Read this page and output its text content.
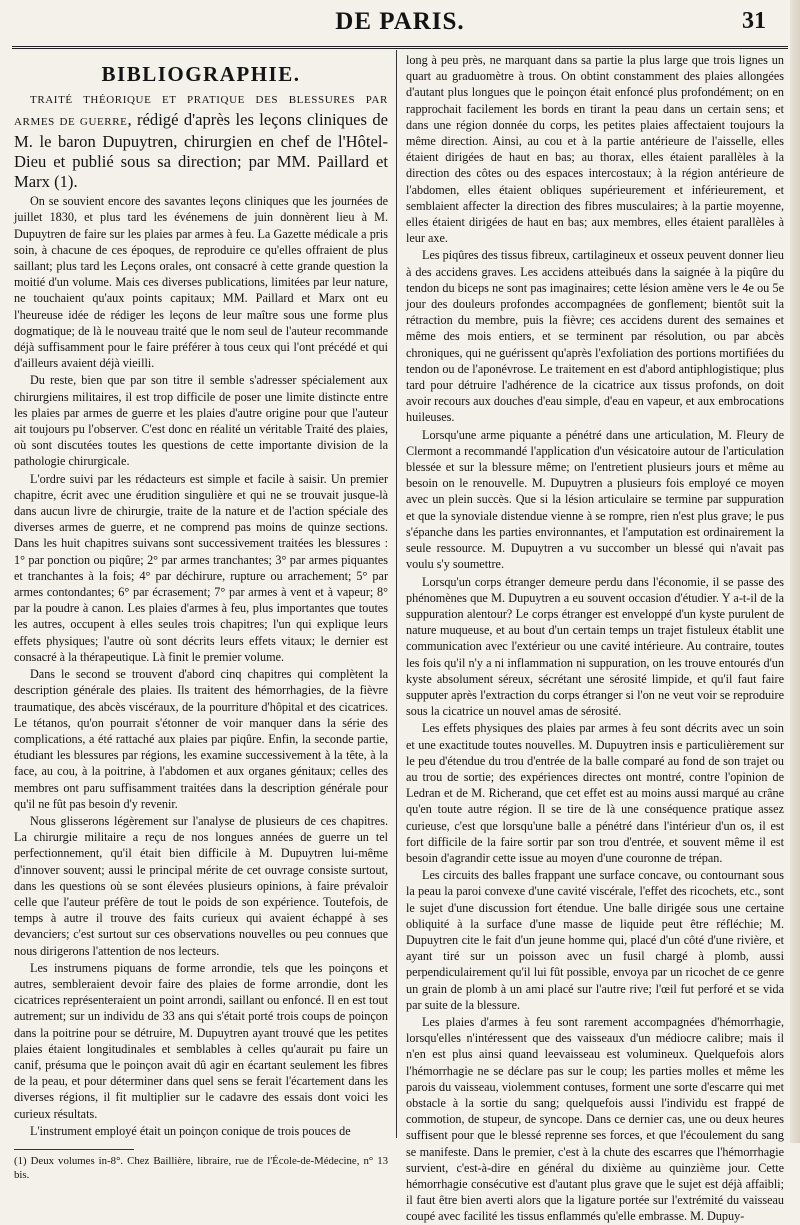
DE PARIS.	31
BIBLIOGRAPHIE.

TRAITÉ THÉORIQUE ET PRATIQUE DES BLESSURES PAR ARMES DE GUERRE, rédigé d'après les leçons cliniques de M. le baron Dupuytren, chirurgien en chef de l'Hôtel-Dieu et publié sous sa direction; par MM. Paillard et Marx (1).

On se souvient encore des savantes leçons cliniques que les journées de juillet 1830, et plus tard les événemens de juin donnèrent lieu à M. Dupuytren de faire sur les plaies par armes à feu. La Gazette médicale a pris soin, à chacune de ces époques, de reproduire ce qu'elles offraient de plus saillant; plus tard les Leçons orales, ont consacré à cette grande question la moitié d'un volume. Mais ces diverses publications, limitées par leur nature, ne touchaient qu'aux points capitaux; MM. Paillard et Marx ont eu l'heureuse idée de rédiger les leçons de leur maître sous une forme plus dogmatique; de là le nouveau traité que le nom seul de l'auteur recommande déjà suffisamment pour le faire préférer à tous ceux qui l'ont précédé et qui d'ailleurs avaient déjà vieilli.

Du reste, bien que par son titre il semble s'adresser spécialement aux chirurgiens militaires, il est trop difficile de poser une limite distincte entre les plaies par armes de guerre et les plaies d'autre origine pour que l'auteur ait toujours pu l'observer. C'est donc en réalité un véritable Traité des plaies, où sont discutées toutes les questions de cette importante division de la pathologie chirurgicale.

L'ordre suivi par les rédacteurs est simple et facile à saisir. Un premier chapitre, écrit avec une érudition singulière et qui ne se trouvait jusque-là dans aucun livre de chirurgie, traite de la nature et de l'action spéciale des diverses armes de guerre, et ne comprend pas moins de quinze sections. Dans les huit chapitres suivans sont successivement traitées les blessures : 1° par ponction ou piqûre; 2° par armes tranchantes; 3° par armes piquantes et tranchantes à la fois; 4° par déchirure, rupture ou arrachement; 5° par armes contondantes; 6° par écrasement; 7° par armes à vent et à vapeur; 8° par la poudre à canon. Les plaies d'armes à feu, plus importantes que toutes les autres, occupent à elles seules trois chapitres; l'un qui explique leurs effets physiques; l'autre où sont décrits leurs effets vitaux; le dernier est consacré à la thérapeutique. Là finit le premier volume.

Dans le second se trouvent d'abord cinq chapitres qui complètent la description générale des plaies. Ils traitent des hémorrhagies, de la fièvre traumatique, des abcès viscéraux, de la pourriture d'hôpital et des cicatrices. Le tétanos, qu'on pourrait s'étonner de voir manquer dans la série des complications, a été rattaché aux plaies par piqûre. Enfin, la seconde partie, étudiant les blessures par régions, les examine successivement à la tête, à la face, au cou, à la poitrine, à l'abdomen et aux organes génitaux; celles des membres ont paru suffisamment traitées dans la description générale pour qu'il ne fût pas besoin d'y revenir.

Nous glisserons légèrement sur l'analyse de plusieurs de ces chapitres. La chirurgie militaire a reçu de nos longues années de guerre un tel perfectionnement, qu'il était bien difficile à M. Dupuytren lui-même d'innover souvent; aussi le principal mérite de cet ouvrage consiste surtout, dans les questions où se sont élevées plusieurs opinions, à faire prévaloir celle que l'auteur préfère de tout le poids de son expérience. Toutefois, de temps à autre il trouve des faits curieux qui avaient échappé à ses devanciers; c'est surtout sur ces observations nouvelles ou peu connues que nous dirigerons l'attention de nos lecteurs.

Les instrumens piquans de forme arrondie, tels que les poinçons et autres, sembleraient devoir faire des plaies de forme arrondie, dont les cicatrices représenteraient un point arrondi, saillant ou enfoncé. Il en est tout autrement; sur un individu de 33 ans qui s'était porté trois coups de poinçon dans la poitrine pour se détruire, M. Dupuytren ayant trouvé que les petites plaies étaient longitudinales et semblables à celles qu'aurait pu faire un canif, présuma que le poinçon avait dû agir en écartant seulement les fibres de la peau, et pour déterminer dans quel sens se ferait l'écartement dans les diverses régions, il fit multiplier sur le cadavre des essais dont voici les curieux résultats.

L'instrument employé était un poinçon conique de trois pouces de

(1) Deux volumes in-8°. Chez Baillière, libraire, rue de l'École-de-Médecine, n° 13 bis.

long à peu près, ne marquant dans sa partie la plus large que trois lignes un quart au graduomètre à trous. On obtint constamment des plaies allongées d'autant plus longues que le poinçon était enfoncé plus profondément; on en rapprochait facilement les bords en tirant la peau dans un certain sens; et dans une région donnée du corps, les petites plaies affectaient toujours la même direction. Ainsi, au cou et à la partie antérieure de l'aisselle, elles étaient dirigées de haut en bas; au thorax, elles étaient parallèles à la direction des côtes ou des espaces intercostaux; à la région antérieure de l'abdomen, elles étaient obliques supérieurement et inférieurement, et semblaient affecter la direction des fibres musculaires; à la partie moyenne, elles étaient dirigées de haut en bas; aux membres, elles étaient parallèles à leur axe.

Les piqûres des tissus fibreux, cartilagineux et osseux peuvent donner lieu à des accidens graves. Les accidens atteibués dans la saignée à la piqûre du tendon du biceps ne sont pas imaginaires; cette lésion amène vers le 4e ou 5e jour des douleurs profondes accompagnées de gonflement; bientôt suit la rétraction du membre, puis la fièvre; ces accidens durent des semaines et même des mois entiers, et se terminent par résolution, ou par abcès chroniques, qui ne guérissent qu'après l'exfoliation des portions mortifiées du tendon ou de l'aponévrose. Le traitement en est d'abord antiphlogistique; plus tard pour détruire l'adhérence de la cicatrice aux tissus profonds, on doit avoir recours aux douches d'eau simple, d'eau en vapeur, et aux embrocations huileuses.

Lorsqu'une arme piquante a pénétré dans une articulation, M. Fleury de Clermont a recommandé l'application d'un vésicatoire autour de l'articulation blessée et sur la blessure même; on l'entretient plusieurs jours et même au besoin on le renouvelle. M. Dupuytren a plusieurs fois employé ce moyen avec un plein succès. Que si la lésion articulaire se termine par suppuration et que la synoviale distendue vienne à se rompre, rien n'est plus grave; le pus s'épanche dans les parties environnantes, et l'amputation est ordinairement la seule ressource. M. Dupuytren a vu succomber un blessé qui n'avait pas voulu s'y soumettre.

Lorsqu'un corps étranger demeure perdu dans l'économie, il se passe des phénomènes que M. Dupuytren a eu souvent occasion d'étudier. Y a-t-il de la suppuration alentour? Le corps étranger est enveloppé d'un kyste purulent de nature muqueuse, et au bout d'un certain temps un trajet fistuleux établit une communication avec l'extérieur ou une cavité intérieure. Au contraire, toutes les fois qu'il n'y a ni inflammation ni suppuration, on les trouve entourés d'un kyste absolument séreux, sécrétant une sérosité limpide, et qu'il faut faire supputer après l'extraction du corps étranger si l'on ne veut voir se reproduire sous la cicatrice un nouvel amas de sérosité.

Les effets physiques des plaies par armes à feu sont décrits avec un soin et une exactitude toutes nouvelles. M. Dupuytren insis e particulièrement sur le peu d'étendue du trou d'entrée de la balle comparé au fond de son trajet ou au trou de sortie; des expériences directes ont montré, contre l'opinion de Ledran et de M. Richerand, que cet effet est au moins aussi marqué au crâne qu'en toute autre région. Il se tire de là une conséquence pratique assez curieuse, c'est que lorsqu'une balle a pénétré dans l'intérieur d'un os, il est fort difficile de la faire sortir par son trou d'entrée, et souvent même il est besoin d'agrandir cette issue au moyen d'une couronne de trépan.

Les circuits des balles frappant une surface concave, ou contournant sous la peau la paroi convexe d'une cavité viscérale, l'effet des ricochets, etc., sont le sujet d'une discussion fort étendue. Une balle dirigée sous une certaine obliquité à la surface d'une masse de liquide peut être réfléchie; M. Dupuytren cite le fait d'un jeune homme qui, placé d'un côté d'une rivière, et ayant tiré sur un poisson avec un fusil chargé à plomb, aussi perpendiculairement qu'il lui fût possible, envoya par un ricochet de ce genre un grain de plomb à un ami placé sur l'autre rive; l'œil fut perforé et se vida par suite de la blessure.

Les plaies d'armes à feu sont rarement accompagnées d'hémorrhagie, lorsqu'elles n'intéressent que des vaisseaux d'un médiocre calibre; mais il n'en est plus ainsi quand leevaisseau est volumineux. Quelquefois alors l'hémorrhagie ne se déclare pas sur le coup; les parties molles et même les parois du vaisseau, violemment contuses, forment une sorte d'escarre qui met obstacle à la sortie du sang; quelquefois aussi l'individu est frappé de commotion, de stupeur, de syncope. Dans ce dernier cas, une ou deux heures suffisent pour que le blessé reprenne ses forces, et que l'écoulement du sang se manifeste. Dans le premier, c'est à la chute des escarres que l'hémorrhagie survient, c'est-à-dire en général du dixième au quinzième jour. Cette hémorrhagie consécutive est d'autant plus grave que le sujet est déjà affaibli; il faut être bien averti alors que la ligature portée sur l'extrémité du vaisseau coupé avec facilité les tissus enflammés qu'elle embrasse. M. Dupuy-
